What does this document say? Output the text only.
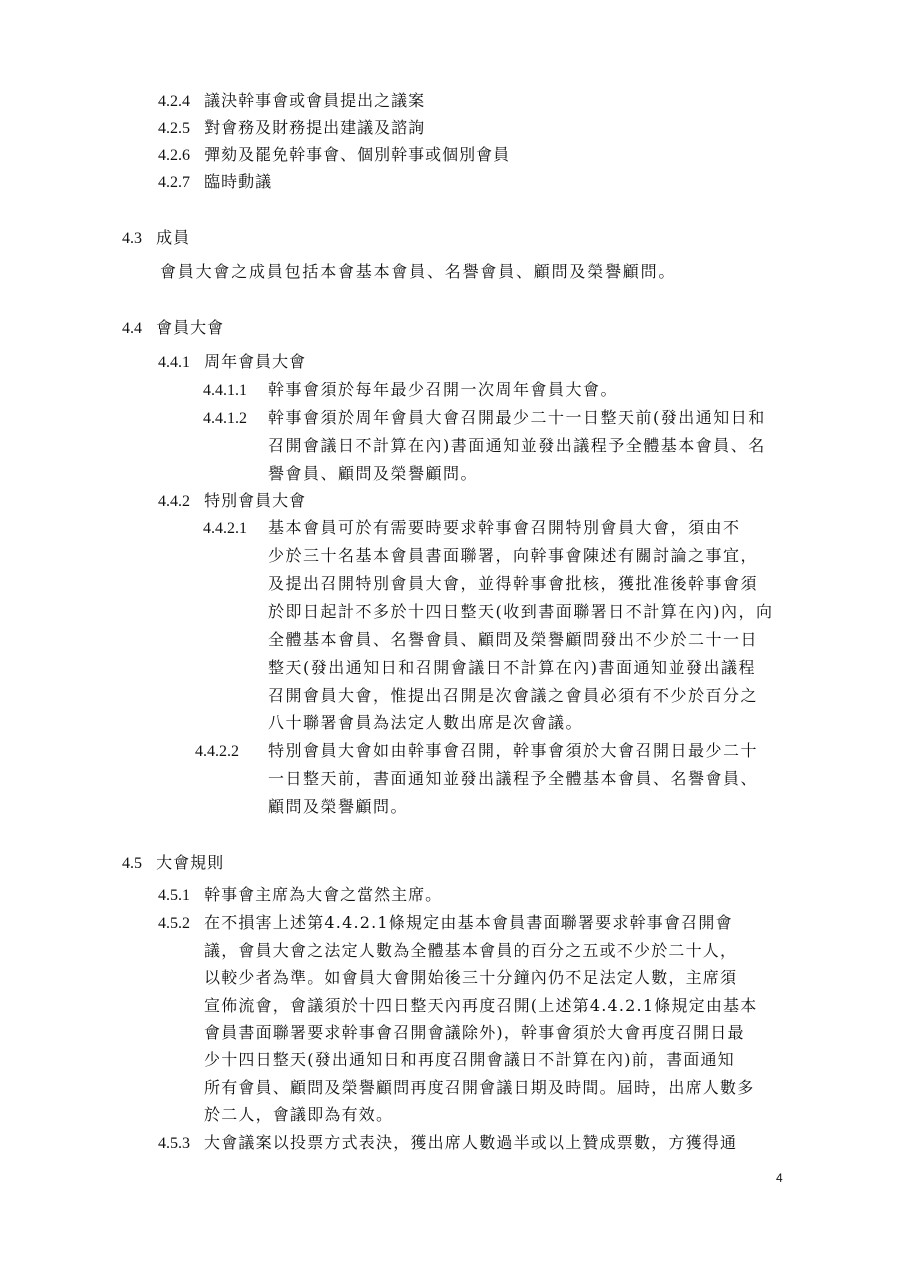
4.2.4 議決幹事會或會員提出之議案
4.2.5 對會務及財務提出建議及諮詢
4.2.6 彈劾及罷免幹事會、個別幹事或個別會員
4.2.7 臨時動議
4.3 成員
會員大會之成員包括本會基本會員、名譽會員、顧問及榮譽顧問。
4.4 會員大會
4.4.1 周年會員大會
4.4.1.1 幹事會須於每年最少召開一次周年會員大會。
4.4.1.2 幹事會須於周年會員大會召開最少二十一日整天前(發出通知日和
召開會議日不計算在內)書面通知並發出議程予全體基本會員、名
譽會員、顧問及榮譽顧問。
4.4.2 特別會員大會
4.4.2.1 基本會員可於有需要時要求幹事會召開特別會員大會，須由不
少於三十名基本會員書面聯署，向幹事會陳述有關討論之事宜，
及提出召開特別會員大會，並得幹事會批核，獲批准後幹事會須
於即日起計不多於十四日整天(收到書面聯署日不計算在內)內，向
全體基本會員、名譽會員、顧問及榮譽顧問發出不少於二十一日
整天(發出通知日和召開會議日不計算在內)書面通知並發出議程
召開會員大會，惟提出召開是次會議之會員必須有不少於百分之
八十聯署會員為法定人數出席是次會議。
4.4.2.2 特別會員大會如由幹事會召開，幹事會須於大會召開日最少二十
一日整天前，書面通知並發出議程予全體基本會員、名譽會員、
顧問及榮譽顧問。
4.5 大會規則
4.5.1 幹事會主席為大會之當然主席。
4.5.2 在不損害上述第4.4.2.1條規定由基本會員書面聯署要求幹事會召開會
議，會員大會之法定人數為全體基本會員的百分之五或不少於二十人，
以較少者為準。如會員大會開始後三十分鐘內仍不足法定人數，主席須
宣佈流會，會議須於十四日整天內再度召開(上述第4.4.2.1條規定由基本
會員書面聯署要求幹事會召開會議除外)，幹事會須於大會再度召開日最
少十四日整天(發出通知日和再度召開會議日不計算在內)前，書面通知
所有會員、顧問及榮譽顧問再度召開會議日期及時間。屆時，出席人數多
於二人，會議即為有效。
4.5.3 大會議案以投票方式表決，獲出席人數過半或以上贊成票數，方獲得通
4
